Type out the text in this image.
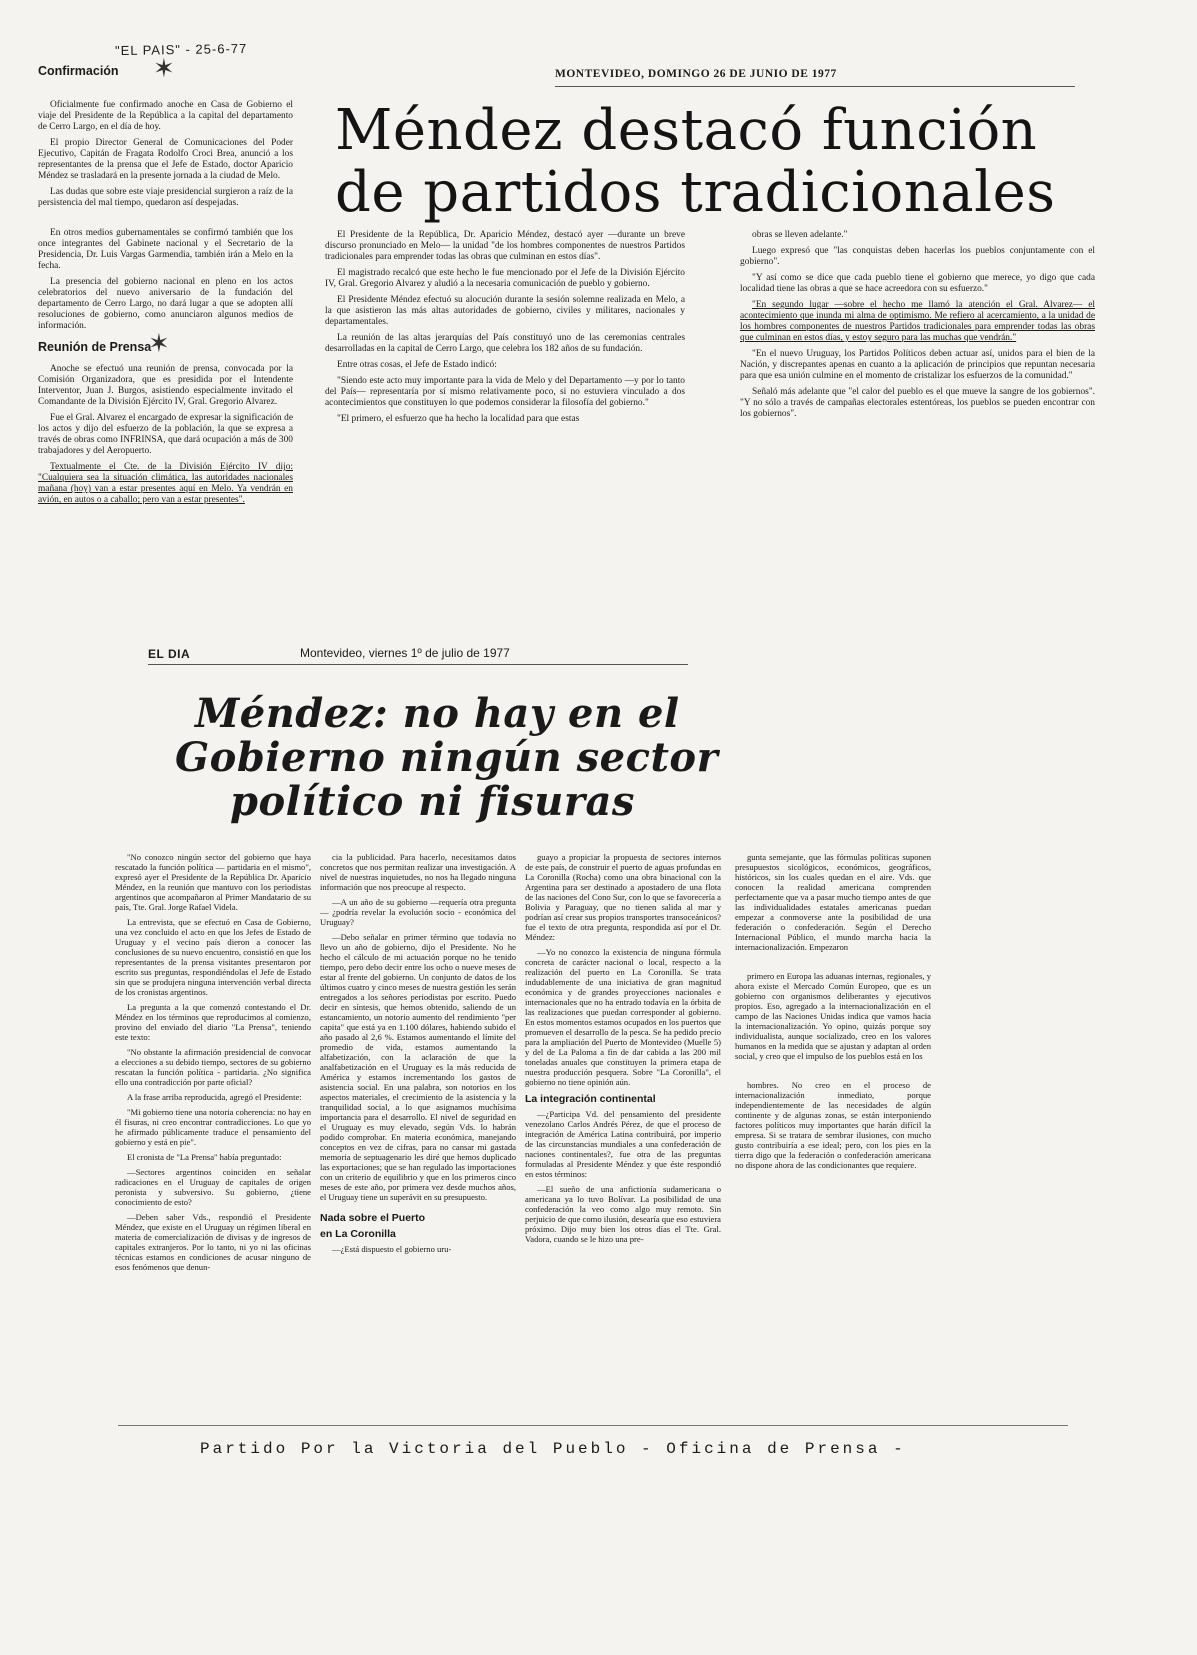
"EL PAIS" - 25-6-77
Confirmación	✶

Oficialmente fue confirmado anoche en Casa de Gobierno el viaje del Presidente de la República a la capital del departamento de Cerro Largo, en el día de hoy.

El propio Director General de Comunicaciones del Poder Ejecutivo, Capitán de Fragata Rodolfo Croci Brea, anunció a los representantes de la prensa que el Jefe de Estado, doctor Aparicio Méndez se trasladará en la presente jornada a la ciudad de Melo.

Las dudas que sobre este viaje presidencial surgieron a raíz de la persistencia del mal tiempo, quedaron así despejadas.

En otros medios gubernamentales se confirmó también que los once integrantes del Gabinete nacional y el Secretario de la Presidencia, Dr. Luis Vargas Garmendia, también irán a Melo en la fecha.

La presencia del gobierno nacional en pleno en los actos celebratorios del nuevo aniversario de la fundación del departamento de Cerro Largo, no dará lugar a que se adopten allí resoluciones de gobierno, como anunciaron algunos medios de información.

Reunión de Prensa
✶

Anoche se efectuó una reunión de prensa, convocada por la Comisión Organizadora, que es presidida por el Intendente Interventor, Juan J. Burgos, asistiendo especialmente invitado el Comandante de la División Ejército IV, Gral. Gregorio Alvarez.

Fue el Gral. Alvarez el encargado de expresar la significación de los actos y dijo del esfuerzo de la población, la que se expresa a través de obras como INFRINSA, que dará ocupación a más de 300 trabajadores y del Aeropuerto.

Textualmente el Cte. de la División Ejército IV dijo: "Cualquiera sea la situación climática, las autoridades nacionales mañana (hoy) van a estar presentes aquí en Melo. Ya vendrán en avión, en autos o a caballo; pero van a estar presentes".

MONTEVIDEO, DOMINGO 26 DE JUNIO DE 1977
Méndez destacó función
de partidos tradicionales

El Presidente de la República, Dr. Aparicio Méndez, destacó ayer —durante un breve discurso pronunciado en Melo— la unidad "de los hombres componentes de nuestros Partidos tradicionales para emprender todas las obras que culminan en estos días".

El magistrado recalcó que este hecho le fue mencionado por el Jefe de la División Ejército IV, Gral. Gregorio Alvarez y aludió a la necesaria comunicación de pueblo y gobierno.

El Presidente Méndez efectuó su alocución durante la sesión solemne realizada en Melo, a la que asistieron las más altas autoridades de gobierno, civiles y militares, nacionales y departamentales.

La reunión de las altas jerarquías del País constituyó uno de las ceremonias centrales desarrolladas en la capital de Cerro Largo, que celebra los 182 años de su fundación.

Entre otras cosas, el Jefe de Estado indicó:

"Siendo este acto muy importante para la vida de Melo y del Departamento —y por lo tanto del País— representaría por sí mismo relativamente poco, si no estuviera vinculado a dos acontecimientos que constituyen lo que podemos considerar la filosofía del gobierno."

"El primero, el esfuerzo que ha hecho la localidad para que estas

obras se lleven adelante."

Luego expresó que "las conquistas deben hacerlas los pueblos conjuntamente con el gobierno".

"Y así como se dice que cada pueblo tiene el gobierno que merece, yo digo que cada localidad tiene las obras a que se hace acreedora con su esfuerzo."

"En segundo lugar —sobre el hecho me llamó la atención el Gral. Alvarez— el acontecimiento que inunda mi alma de optimismo. Me refiero al acercamiento, a la unidad de los hombres componentes de nuestros Partidos tradicionales para emprender todas las obras que culminan en estos días, y estoy seguro para las muchas que vendrán."

"En el nuevo Uruguay, los Partidos Políticos deben actuar así, unidos para el bien de la Nación, y discrepantes apenas en cuanto a la aplicación de principios que repuntan necesaria para que esa unión culmine en el momento de cristalizar los esfuerzos de la comunidad."

Señaló más adelante que "el calor del pueblo es el que mueve la sangre de los gobiernos". "Y no sólo a través de campañas electorales estentóreas, los pueblos se pueden encontrar con los gobiernos".

EL DIA	Montevideo, viernes 1º de julio de 1977
Méndez: no hay en el
Gobierno ningún sector
político ni fisuras

"No conozco ningún sector del gobierno que haya rescatado la función política — partidaria en el mismo", expresó ayer el Presidente de la República Dr. Aparicio Méndez, en la reunión que mantuvo con los periodistas argentinos que acompañaron al Primer Mandatario de su país, Tte. Gral. Jorge Rafael Videla.

La entrevista, que se efectuó en Casa de Gobierno, una vez concluido el acto en que los Jefes de Estado de Uruguay y el vecino país dieron a conocer las conclusiones de su nuevo encuentro, consistió en que los representantes de la prensa visitantes presentaron por escrito sus preguntas, respondiéndolas el Jefe de Estado sin que se produjera ninguna intervención verbal directa de los cronistas argentinos.

La pregunta a la que comenzó contestando el Dr. Méndez en los términos que reproducimos al comienzo, provino del enviado del diario "La Prensa", teniendo este texto:

"No obstante la afirmación presidencial de convocar a elecciones a su debido tiempo, sectores de su gobierno rescatan la función política - partidaria. ¿No significa ello una contradicción por parte oficial?

A la frase arriba reproducida, agregó el Presidente:

"Mi gobierno tiene una notoria coherencia: no hay en él fisuras, ni creo encontrar contradicciones. Lo que yo he afirmado públicamente traduce el pensamiento del gobierno y está en pie".

El cronista de "La Prensa" había preguntado:

—Sectores argentinos coinciden en señalar radicaciones en el Uruguay de capitales de origen peronista y subversivo. Su gobierno, ¿tiene conocimiento de esto?

—Deben saber Vds., respondió el Presidente Méndez, que existe en el Uruguay un régimen liberal en materia de comercialización de divisas y de ingresos de capitales extranjeros. Por lo tanto, ni yo ni las oficinas técnicas estamos en condiciones de acusar ninguno de esos fenómenos que denun-

cia la publicidad. Para hacerlo, necesitamos datos concretos que nos permitan realizar una investigación. A nivel de nuestras inquietudes, no nos ha llegado ninguna información que nos preocupe al respecto.

—A un año de su gobierno —requería otra pregunta— ¿podría revelar la evolución socio - económica del Uruguay?

—Debo señalar en primer término que todavía no llevo un año de gobierno, dijo el Presidente. No he hecho el cálculo de mi actuación porque no he tenido tiempo, pero debo decir entre los ocho o nueve meses de estar al frente del gobierno. Un conjunto de datos de los últimos cuatro y cinco meses de nuestra gestión les serán entregados a los señores periodistas por escrito. Puedo decir en síntesis, que hemos obtenido, saliendo de un estancamiento, un notorio aumento del rendimiento "per capita" que está ya en 1.100 dólares, habiendo subido el año pasado al 2,6 %. Estamos aumentando el límite del promedio de vida, estamos aumentando la alfabetización, con la aclaración de que la analfabetización en el Uruguay es la más reducida de América y estamos incrementando los gastos de asistencia social. En una palabra, son notorios en los aspectos materiales, el crecimiento de la asistencia y la tranquilidad social, a lo que asignamos muchísima importancia para el desarrollo. El nivel de seguridad en el Uruguay es muy elevado, según Vds. lo habrán podido comprobar. En materia económica, manejando conceptos en vez de cifras, para no cansar mi gastada memoria de septuagenario les diré que hemos duplicado las exportaciones; que se han regulado las importaciones con un criterio de equilibrio y que en los primeros cinco meses de este año, por primera vez desde muchos años, el Uruguay tiene un superávit en su presupuesto.

Nada sobre el Puerto
en La Coronilla

—¿Está dispuesto el gobierno uru-

guayo a propiciar la propuesta de sectores internos de este país, de construir el puerto de aguas profundas en La Coronilla (Rocha) como una obra binacional con la Argentina para ser destinado a apostadero de una flota de las naciones del Cono Sur, con lo que se favorecería a Bolivia y Paraguay, que no tienen salida al mar y podrían así crear sus propios transportes transoceánicos? fue el texto de otra pregunta, respondida así por el Dr. Méndez:

—Yo no conozco la existencia de ninguna fórmula concreta de carácter nacional o local, respecto a la realización del puerto en La Coronilla. Se trata indudablemente de una iniciativa de gran magnitud económica y de grandes proyecciones nacionales e internacionales que no ha entrado todavía en la órbita de las realizaciones que puedan corresponder al gobierno. En estos momentos estamos ocupados en los puertos que promueven el desarrollo de la pesca. Se ha pedido precio para la ampliación del Puerto de Montevideo (Muelle 5) y del de La Paloma a fin de dar cabida a las 200 mil toneladas anuales que constituyen la primera etapa de nuestra producción pesquera. Sobre "La Coronilla", el gobierno no tiene opinión aún.

La integración continental

—¿Participa Vd. del pensamiento del presidente venezolano Carlos Andrés Pérez, de que el proceso de integración de América Latina contribuirá, por imperio de las circunstancias mundiales a una confederación de naciones continentales?, fue otra de las preguntas formuladas al Presidente Méndez y que éste respondió en estos términos:

—El sueño de una anfictionía sudamericana o americana ya lo tuvo Bolívar. La posibilidad de una confederación la veo como algo muy remoto. Sin perjuicio de que como ilusión, desearía que eso estuviera próximo. Dijo muy bien los otros días el Tte. Gral. Vadora, cuando se le hizo una pre-

gunta semejante, que las fórmulas políticas suponen presupuestos sicológicos, económicos, geográficos, históricos, sin los cuales quedan en el aire. Vds. que conocen la realidad americana comprenden perfectamente que va a pasar mucho tiempo antes de que las individualidades estatales americanas puedan empezar a conmoverse ante la posibilidad de una federación o confederación. Según el Derecho Internacional Público, el mundo marcha hacia la internacionalización. Empezaron

primero en Europa las aduanas internas, regionales, y ahora existe el Mercado Común Europeo, que es un gobierno con organismos deliberantes y ejecutivos propios. Eso, agregado a la internacionalización en el campo de las Naciones Unidas indica que vamos hacia la internacionalización. Yo opino, quizás porque soy individualista, aunque socializado, creo en los valores humanos en la medida que se ajustan y adaptan al orden social, y creo que el impulso de los pueblos está en los

hombres. No creo en el proceso de internacionalización inmediato, porque independientemente de las necesidades de algún continente y de algunas zonas, se están interponiendo factores políticos muy importantes que harán difícil la empresa. Si se tratara de sembrar ilusiones, con mucho gusto contribuiría a ese ideal; pero, con los pies en la tierra digo que la federación o confederación americana no dispone ahora de las condicionantes que requiere.

Partido Por la Victoria del Pueblo - Oficina de Prensa -
